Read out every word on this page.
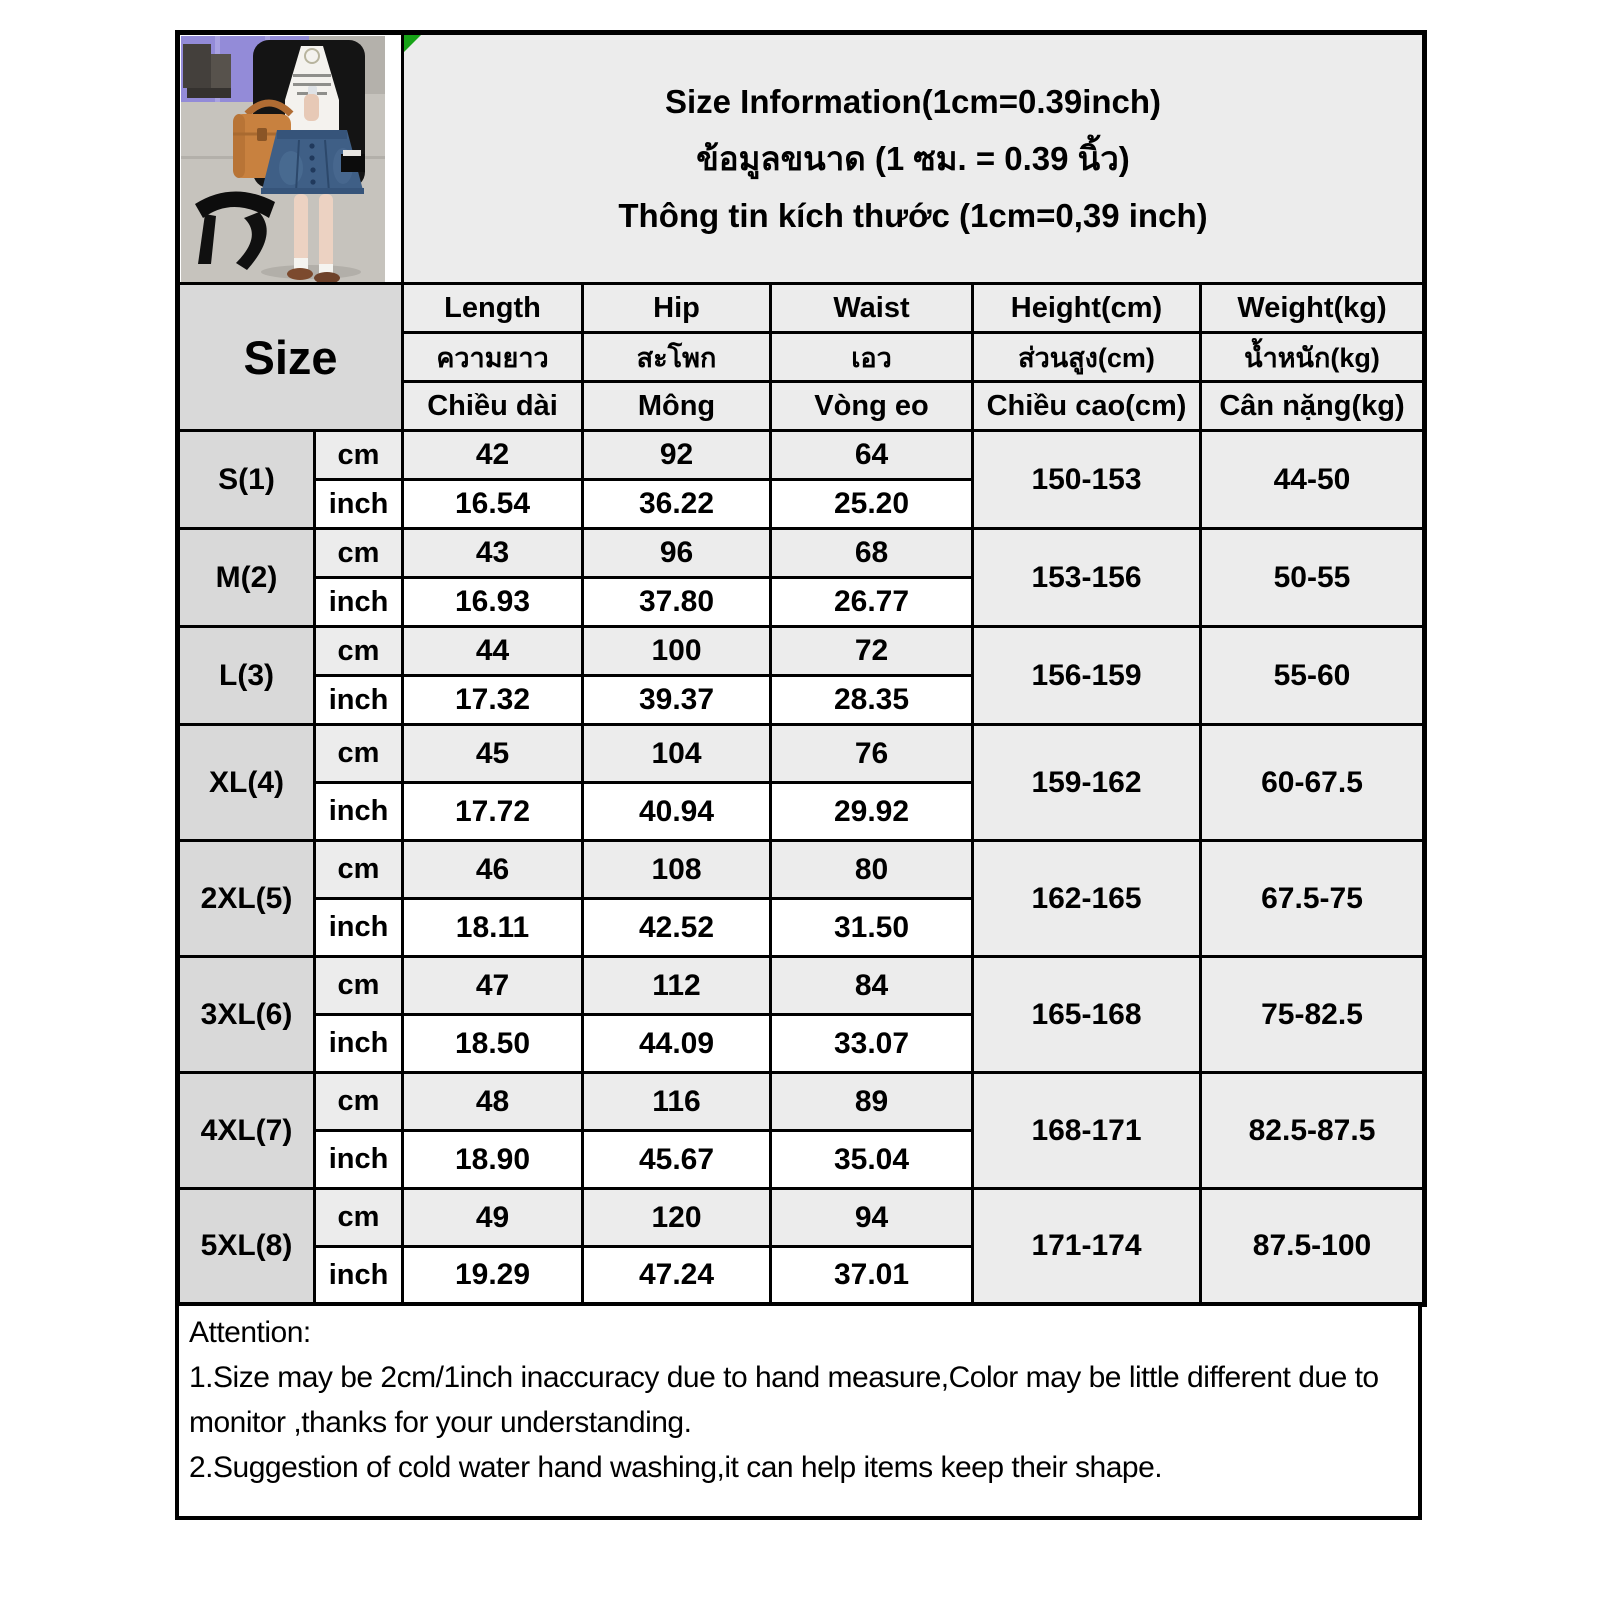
Size Information(1cm=0.39inch)
ข้อมูลขนาด (1 ซม. = 0.39 นิ้ว)
Thông tin kích thước (1cm=0,39 inch)				

Size		Length	Hip	Waist	Height(cm)	Weight(kg)
		ความยาว	สะโพก	เอว	ส่วนสูง(cm)	น้ำหนัก(kg)
		Chiều dài	Mông	Vòng eo	Chiều cao(cm)	Cân nặng(kg)
S(1)	cm	42	92	64	150-153	44-50
	inch	16.54	36.22	25.20		
M(2)	cm	43	96	68	153-156	50-55
	inch	16.93	37.80	26.77		
L(3)	cm	44	100	72	156-159	55-60
	inch	17.32	39.37	28.35		
XL(4)	cm	45	104	76	159-162	60-67.5
	inch	17.72	40.94	29.92		
2XL(5)	cm	46	108	80	162-165	67.5-75
	inch	18.11	42.52	31.50		
3XL(6)	cm	47	112	84	165-168	75-82.5
	inch	18.50	44.09	33.07		
4XL(7)	cm	48	116	89	168-171	82.5-87.5
	inch	18.90	45.67	35.04		
5XL(8)	cm	49	120	94	171-174	87.5-100
	inch	19.29	47.24	37.01		
Attention:
1.Size may be 2cm/1inch inaccuracy due to hand measure,Color may be little different due to monitor ,thanks for your understanding.
2.Suggestion of cold water hand washing,it can help items keep their shape.
